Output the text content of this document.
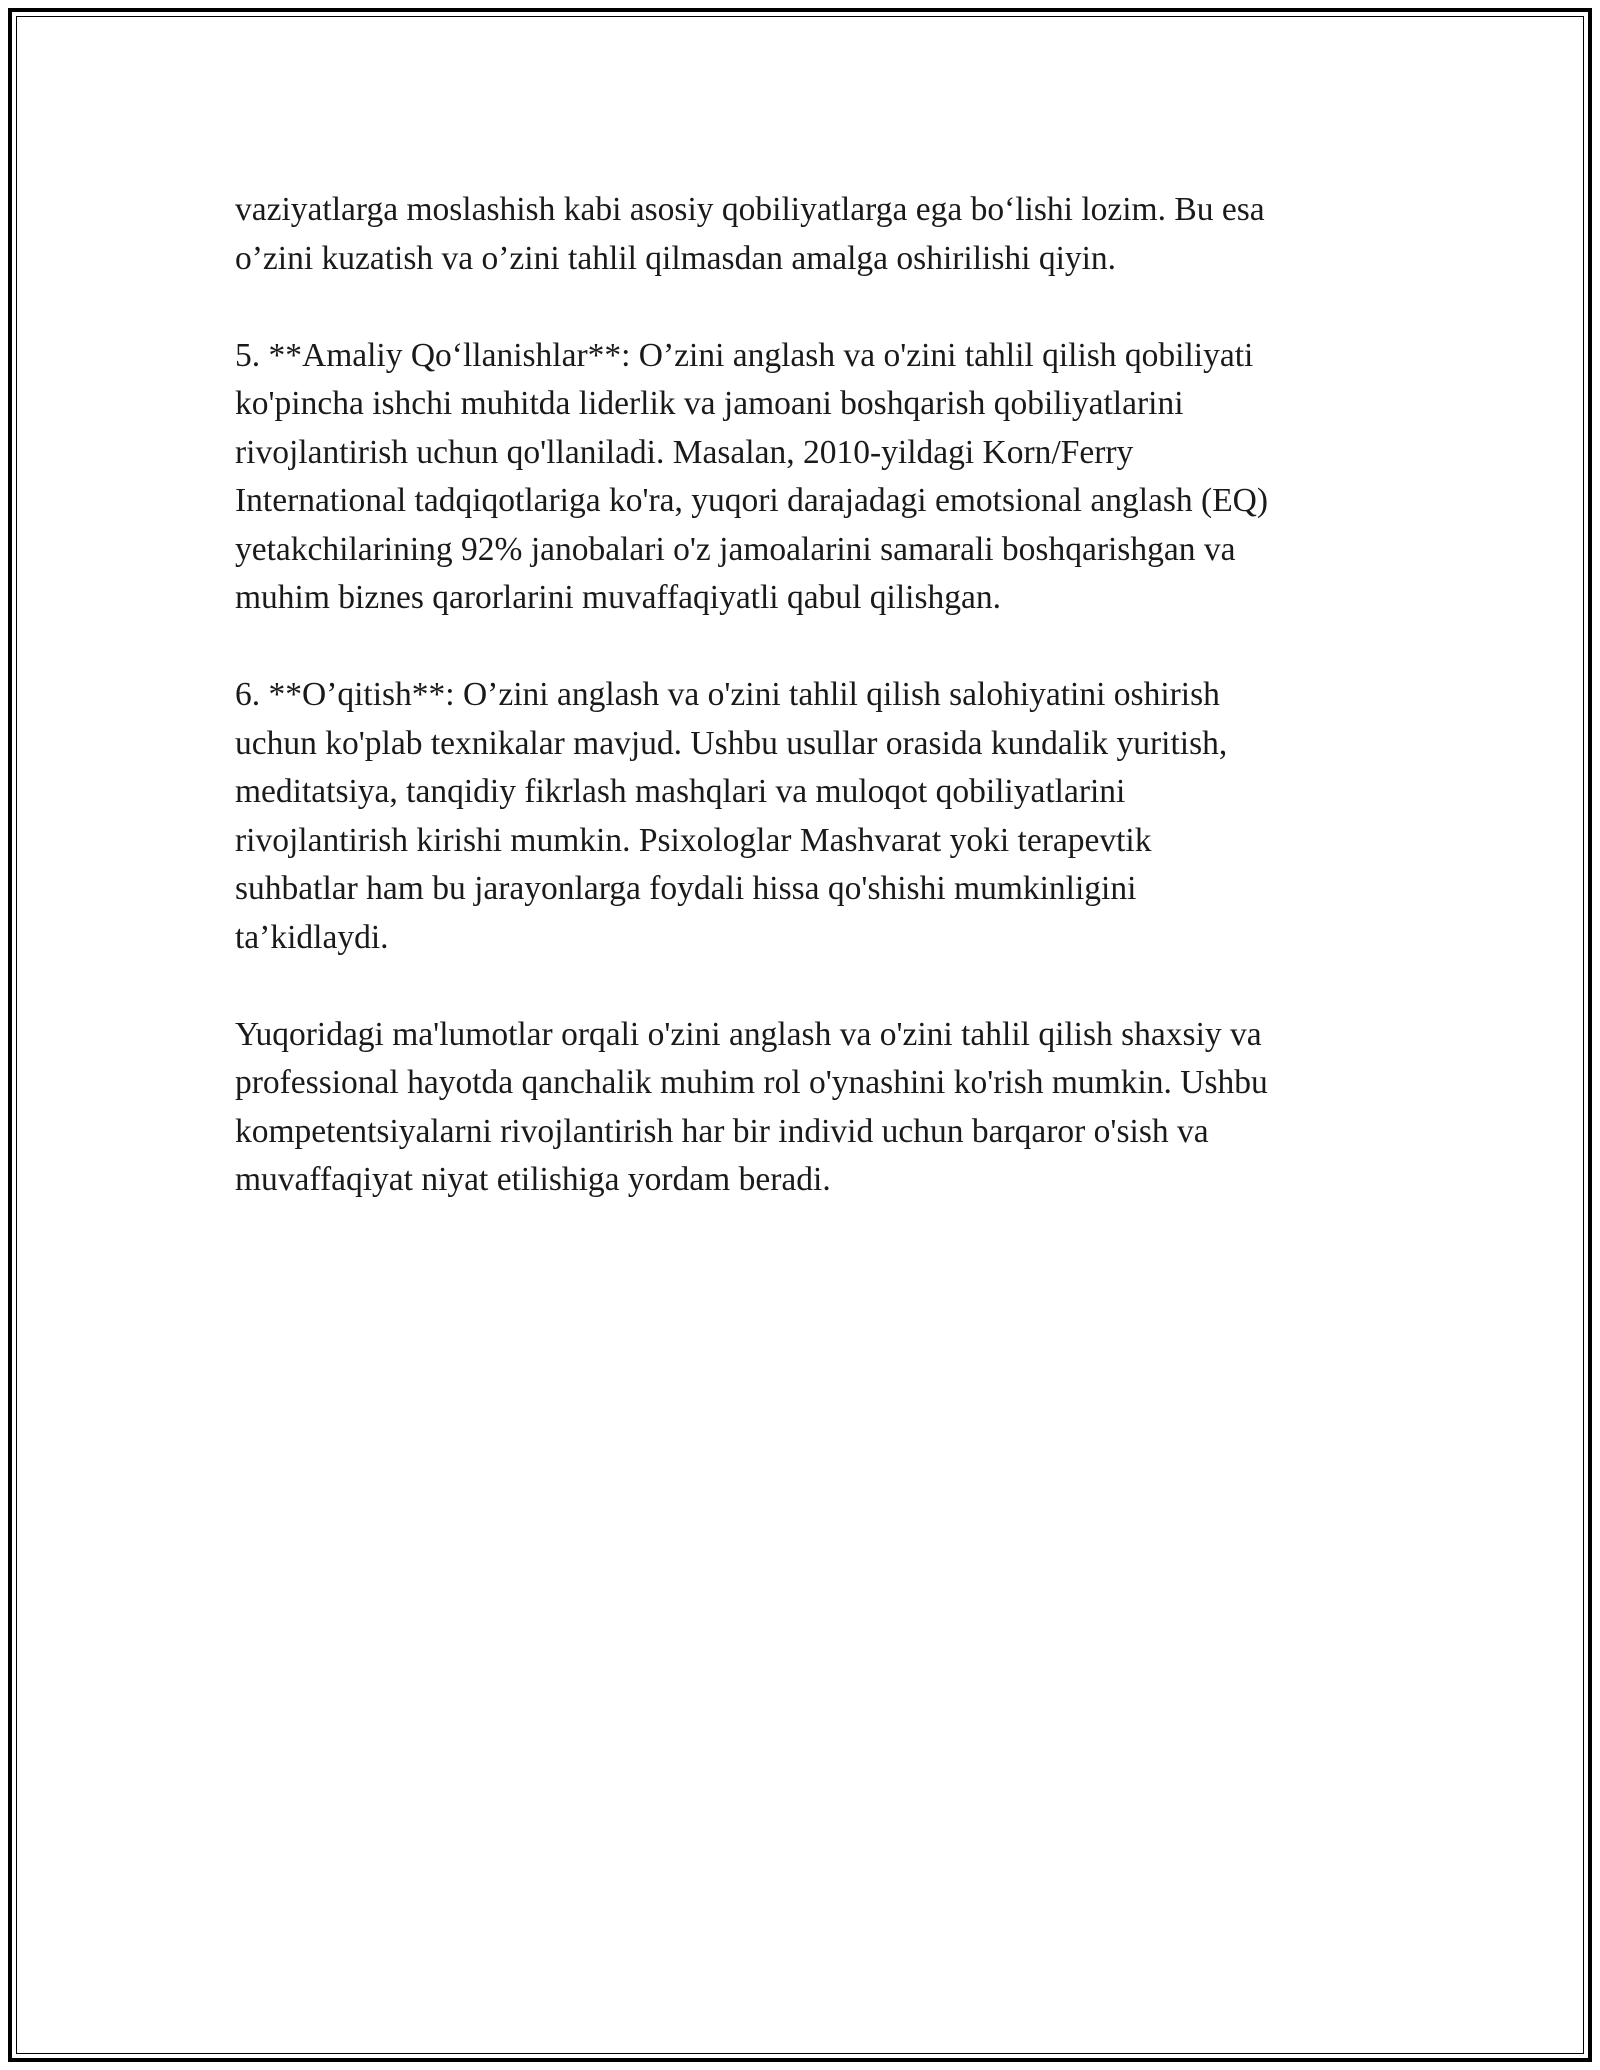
vaziyatlarga moslashish kabi asosiy qobiliyatlarga ega bo‘lishi lozim. Bu esa
o’zini kuzatish va o’zini tahlil qilmasdan amalga oshirilishi qiyin.

5. **Amaliy Qo‘llanishlar**: O’zini anglash va o'zini tahlil qilish qobiliyati
ko'pincha ishchi muhitda liderlik va jamoani boshqarish qobiliyatlarini
rivojlantirish uchun qo'llaniladi. Masalan, 2010-yildagi Korn/Ferry
International tadqiqotlariga ko'ra, yuqori darajadagi emotsional anglash (EQ)
yetakchilarining 92% janobalari o'z jamoalarini samarali boshqarishgan va
muhim biznes qarorlarini muvaffaqiyatli qabul qilishgan.

6. **O’qitish**: O’zini anglash va o'zini tahlil qilish salohiyatini oshirish
uchun ko'plab texnikalar mavjud. Ushbu usullar orasida kundalik yuritish,
meditatsiya, tanqidiy fikrlash mashqlari va muloqot qobiliyatlarini
rivojlantirish kirishi mumkin. Psixologlar Mashvarat yoki terapevtik
suhbatlar ham bu jarayonlarga foydali hissa qo'shishi mumkinligini
ta’kidlaydi.

Yuqoridagi ma'lumotlar orqali o'zini anglash va o'zini tahlil qilish shaxsiy va
professional hayotda qanchalik muhim rol o'ynashini ko'rish mumkin. Ushbu
kompetentsiyalarni rivojlantirish har bir individ uchun barqaror o'sish va
muvaffaqiyat niyat etilishiga yordam beradi.
